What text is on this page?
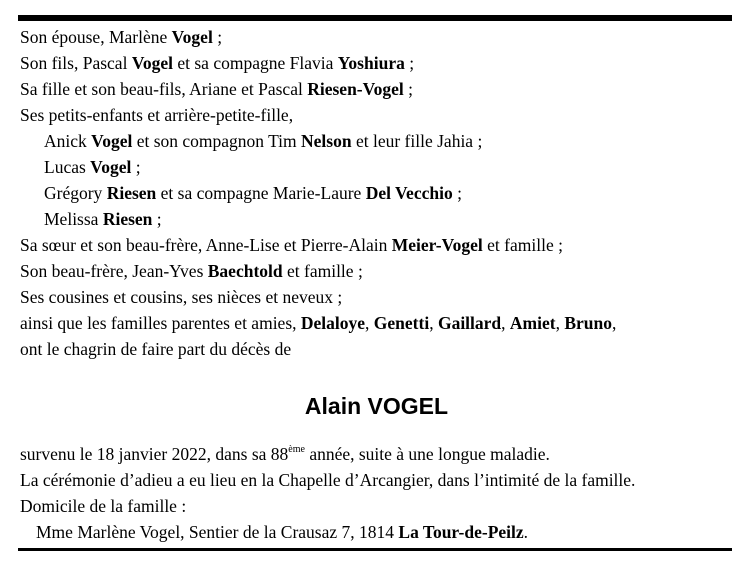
Son épouse, Marlène Vogel ;
Son fils, Pascal Vogel et sa compagne Flavia Yoshiura ;
Sa fille et son beau-fils, Ariane et Pascal Riesen-Vogel ;
Ses petits-enfants et arrière-petite-fille,
Anick Vogel et son compagnon Tim Nelson et leur fille Jahia ;
Lucas Vogel ;
Grégory Riesen et sa compagne Marie-Laure Del Vecchio ;
Melissa Riesen ;
Sa sœur et son beau-frère, Anne-Lise et Pierre-Alain Meier-Vogel et famille ;
Son beau-frère, Jean-Yves Baechtold et famille ;
Ses cousines et cousins, ses nièces et neveux ;
ainsi que les familles parentes et amies, Delaloye, Genetti, Gaillard, Amiet, Bruno,
ont le chagrin de faire part du décès de
Alain VOGEL
survenu le 18 janvier 2022, dans sa 88ème année, suite à une longue maladie.
La cérémonie d’adieu a eu lieu en la Chapelle d’Arcangier, dans l’intimité de la famille.
Domicile de la famille :
Mme Marlène Vogel, Sentier de la Crausaz 7, 1814 La Tour-de-Peilz.
